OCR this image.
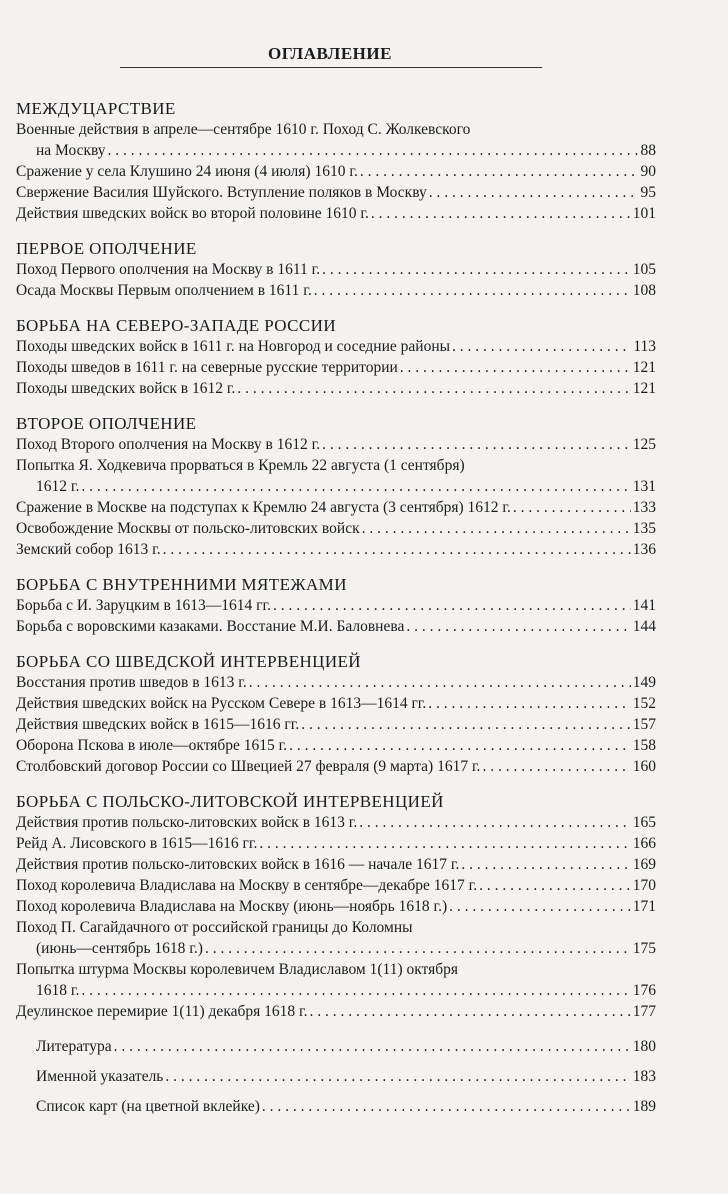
ОГЛАВЛЕНИЕ
МЕЖДУЦАРСТВИЕ
Военные действия в апреле—сентябре 1610 г. Поход С. Жолкевского
на Москву . . .	88
Сражение у села Клушино 24 июня (4 июля) 1610 г. . . .	90
Свержение Василия Шуйского. Вступление поляков в Москву . . .	95
Действия шведских войск во второй половине 1610 г. . . .	101
ПЕРВОЕ ОПОЛЧЕНИЕ
Поход Первого ополчения на Москву в 1611 г. . . .	105
Осада Москвы Первым ополчением в 1611 г. . . .	108
БОРЬБА НА СЕВЕРО-ЗАПАДЕ РОССИИ
Походы шведских войск в 1611 г. на Новгород и соседние районы . . .	113
Походы шведов в 1611 г. на северные русские территории . . .	121
Походы шведских войск в 1612 г. . . .	121
ВТОРОЕ ОПОЛЧЕНИЕ
Поход Второго ополчения на Москву в 1612 г. . . .	125
Попытка Я. Ходкевича прорваться в Кремль 22 августа (1 сентября)
1612 г. . . .	131
Сражение в Москве на подступах к Кремлю 24 августа (3 сентября) 1612 г. . . .	133
Освобождение Москвы от польско-литовских войск . . .	135
Земский собор 1613 г. . . .	136
БОРЬБА С ВНУТРЕННИМИ МЯТЕЖАМИ
Борьба с И. Заруцким в 1613—1614 гг. . . .	141
Борьба с воровскими казаками. Восстание М.И. Баловнева . . .	144
БОРЬБА СО ШВЕДСКОЙ ИНТЕРВЕНЦИЕЙ
Восстания против шведов в 1613 г. . . .	149
Действия шведских войск на Русском Севере в 1613—1614 гг. . . .	152
Действия шведских войск в 1615—1616 гг. . . .	157
Оборона Пскова в июле—октябре 1615 г. . . .	158
Столбовский договор России со Швецией 27 февраля (9 марта) 1617 г. . . .	160
БОРЬБА С ПОЛЬСКО-ЛИТОВСКОЙ ИНТЕРВЕНЦИЕЙ
Действия против польско-литовских войск в 1613 г. . . .	165
Рейд А. Лисовского в 1615—1616 гг. . . .	166
Действия против польско-литовских войск в 1616 — начале 1617 г. . . .	169
Поход королевича Владислава на Москву в сентябре—декабре 1617 г. . . .	170
Поход королевича Владислава на Москву (июнь—ноябрь 1618 г.) . . .	171
Поход П. Сагайдачного от российской границы до Коломны
(июнь—сентябрь 1618 г.) . . .	175
Попытка штурма Москвы королевичем Владиславом 1(11) октября
1618 г. . . .	176
Деулинское перемирие 1(11) декабря 1618 г. . . .	177
Литература . . .	180
Именной указатель . . .	183
Список карт (на цветной вклейке) . . .	189
